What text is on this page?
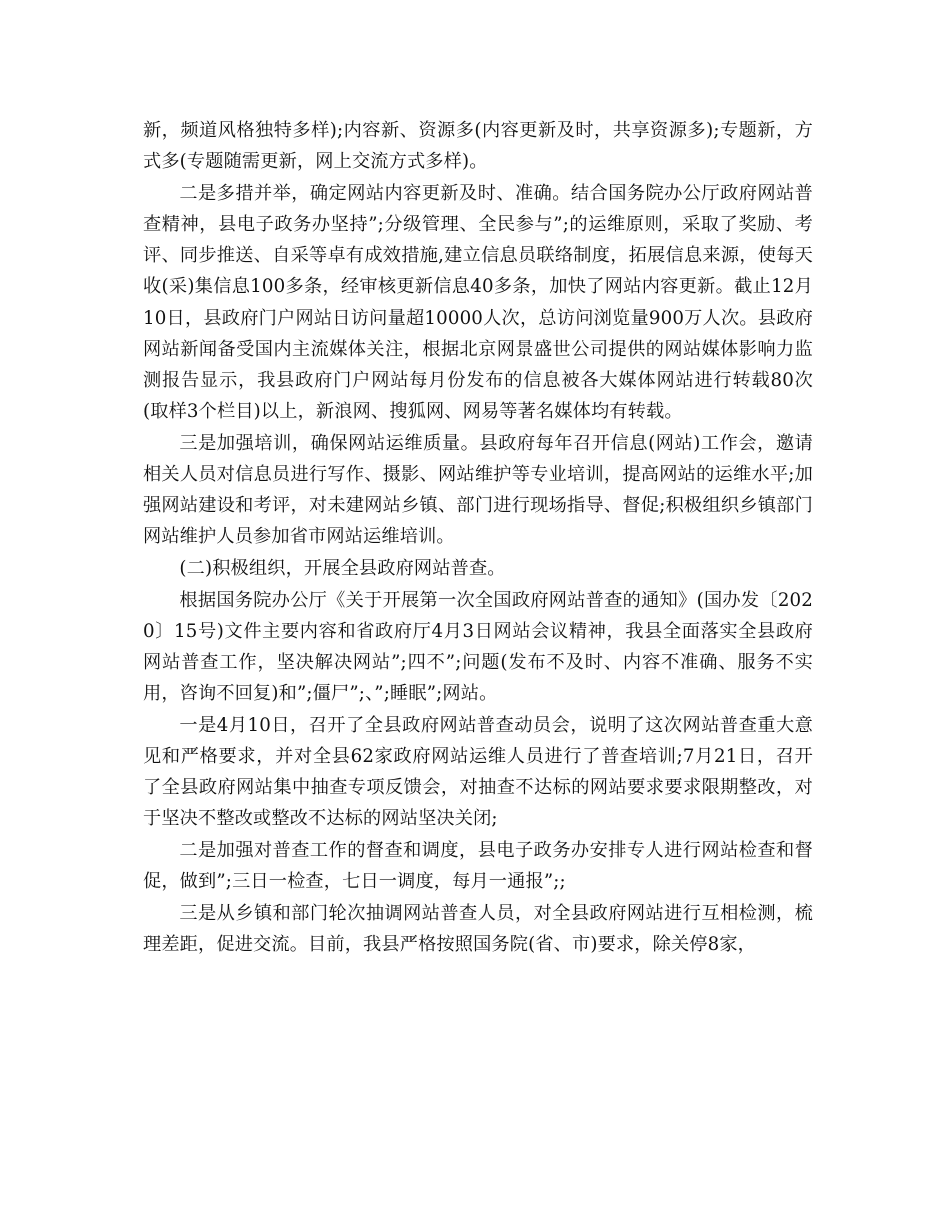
新，频道风格独特多样);内容新、资源多(内容更新及时，共享资源多);专题新，方式多(专题随需更新，网上交流方式多样)。

二是多措并举，确定网站内容更新及时、准确。结合国务院办公厅政府网站普查精神，县电子政务办坚持”;分级管理、全民参与”;的运维原则，采取了奖励、考评、同步推送、自采等卓有成效措施,建立信息员联络制度，拓展信息来源，使每天收(采)集信息100多条，经审核更新信息40多条，加快了网站内容更新。截止12月10日，县政府门户网站日访问量超10000人次，总访问浏览量900万人次。县政府网站新闻备受国内主流媒体关注，根据北京网景盛世公司提供的网站媒体影响力监测报告显示，我县政府门户网站每月份发布的信息被各大媒体网站进行转载80次(取样3个栏目)以上，新浪网、搜狐网、网易等著名媒体均有转载。

三是加强培训，确保网站运维质量。县政府每年召开信息(网站)工作会，邀请相关人员对信息员进行写作、摄影、网站维护等专业培训，提高网站的运维水平;加强网站建设和考评，对未建网站乡镇、部门进行现场指导、督促;积极组织乡镇部门网站维护人员参加省市网站运维培训。

(二)积极组织，开展全县政府网站普查。

根据国务院办公厅《关于开展第一次全国政府网站普查的通知》(国办发〔2020〕15号)文件主要内容和省政府厅4月3日网站会议精神，我县全面落实全县政府网站普查工作，坚决解决网站”;四不”;问题(发布不及时、内容不准确、服务不实用，咨询不回复)和”;僵尸”;、”;睡眠”;网站。

一是4月10日，召开了全县政府网站普查动员会，说明了这次网站普查重大意见和严格要求，并对全县62家政府网站运维人员进行了普查培训;7月21日，召开了全县政府网站集中抽查专项反馈会，对抽查不达标的网站要求要求限期整改，对于坚决不整改或整改不达标的网站坚决关闭;

二是加强对普查工作的督查和调度，县电子政务办安排专人进行网站检查和督促，做到”;三日一检查，七日一调度，每月一通报”;;

三是从乡镇和部门轮次抽调网站普查人员，对全县政府网站进行互相检测，梳理差距，促进交流。目前，我县严格按照国务院(省、市)要求，除关停8家，
